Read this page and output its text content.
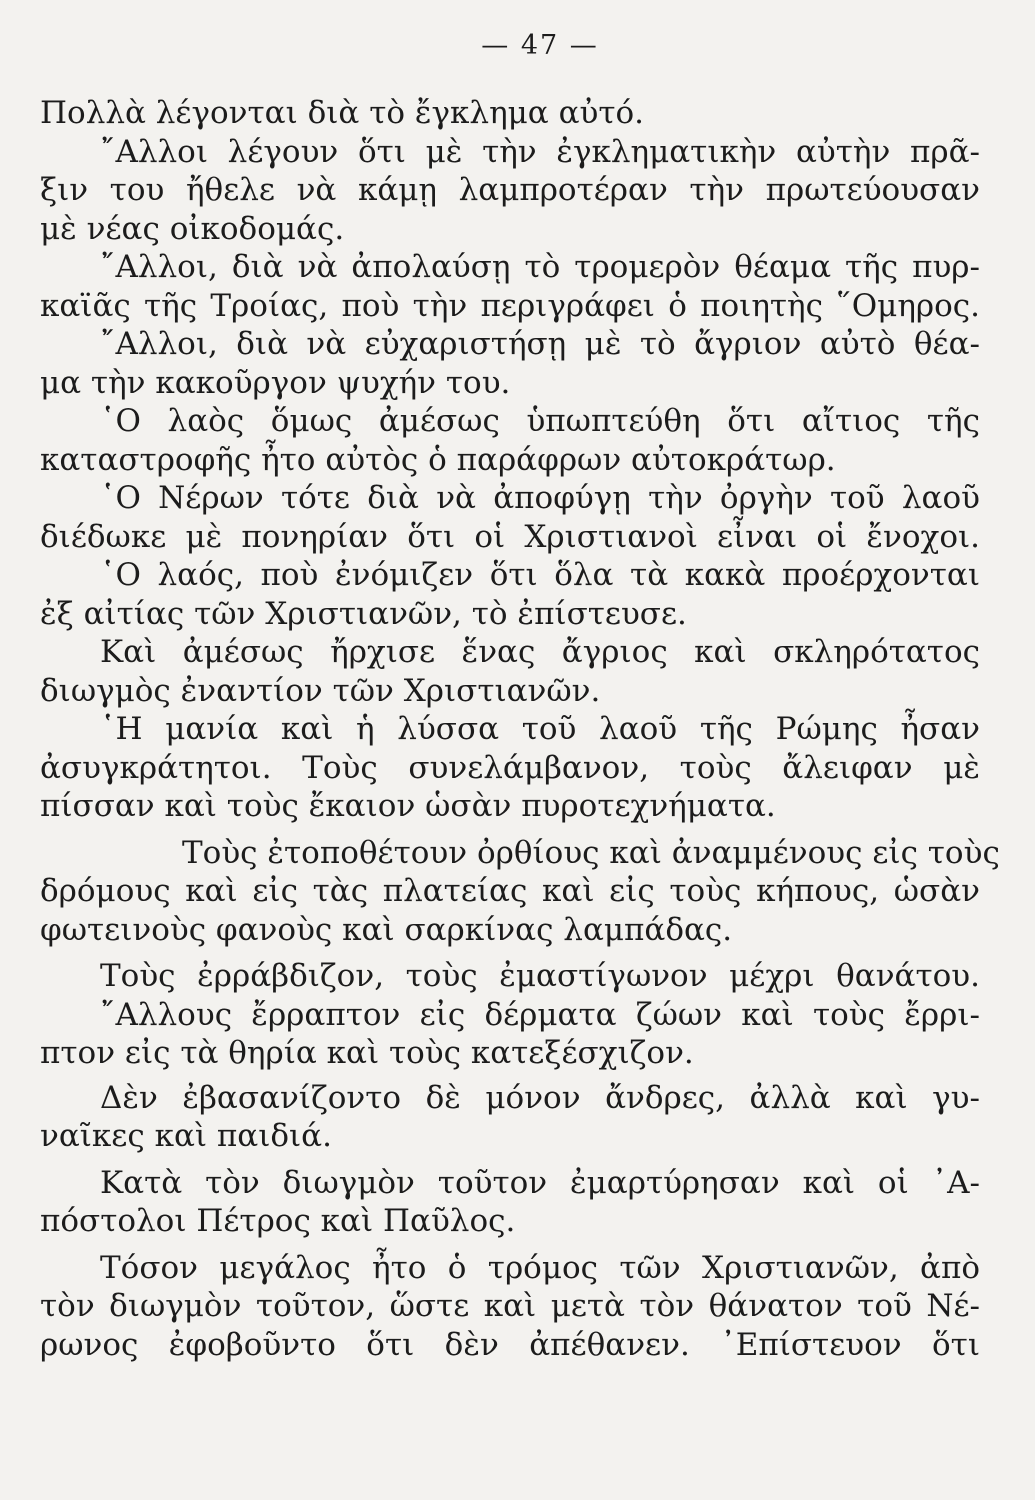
— 47 —
Πολλὰ λέγονται διὰ τὸ ἔγκλημα αὐτό.
῎Αλλοι λέγουν ὅτι μὲ τὴν ἐγκληματικὴν αὐτὴν πρᾶ-
ξιν του ἤθελε νὰ κάμῃ λαμπροτέραν τὴν πρωτεύουσαν
μὲ νέας οἰκοδομάς.
῎Αλλοι, διὰ νὰ ἀπολαύσῃ τὸ τρομερὸν θέαμα τῆς πυρ-
καϊᾶς τῆς Τροίας, ποὺ τὴν περιγράφει ὁ ποιητὴς ῞Ομηρος.
῎Αλλοι, διὰ νὰ εὐχαριστήσῃ μὲ τὸ ἄγριον αὐτὸ θέα-
μα τὴν κακοῦργον ψυχήν του.
῾Ο λαὸς ὅμως ἀμέσως ὑπωπτεύθη ὅτι αἴτιος τῆς
καταστροφῆς ἦτο αὐτὸς ὁ παράφρων αὐτοκράτωρ.
῾Ο Νέρων τότε διὰ νὰ ἀποφύγῃ τὴν ὀργὴν τοῦ λαοῦ
διέδωκε μὲ πονηρίαν ὅτι οἱ Χριστιανοὶ εἶναι οἱ ἔνοχοι.
῾Ο λαός, ποὺ ἐνόμιζεν ὅτι ὅλα τὰ κακὰ προέρχονται
ἐξ αἰτίας τῶν Χριστιανῶν, τὸ ἐπίστευσε.
Καὶ ἀμέσως ἤρχισε ἕνας ἄγριος καὶ σκληρότατος
διωγμὸς ἐναντίον τῶν Χριστιανῶν.
῾Η μανία καὶ ἡ λύσσα τοῦ λαοῦ τῆς Ρώμης ἦσαν
ἀσυγκράτητοι. Τοὺς συνελάμβανον, τοὺς ἄλειφαν μὲ
πίσσαν καὶ τοὺς ἔκαιον ὡσὰν πυροτεχνήματα.
Τοὺς ἐτοποθέτουν ὀρθίους καὶ ἀναμμένους εἰς τοὺς
δρόμους καὶ εἰς τὰς πλατείας καὶ εἰς τοὺς κήπους, ὡσὰν
φωτεινοὺς φανοὺς καὶ σαρκίνας λαμπάδας.
Τοὺς ἐρράβδιζον, τοὺς ἐμαστίγωνον μέχρι θανάτου.
῎Αλλους ἔρραπτον εἰς δέρματα ζώων καὶ τοὺς ἔρρι-
πτον εἰς τὰ θηρία καὶ τοὺς κατεξέσχιζον.
Δὲν ἐβασανίζοντο δὲ μόνον ἄνδρες, ἀλλὰ καὶ γυ-
ναῖκες καὶ παιδιά.
Κατὰ τὸν διωγμὸν τοῦτον ἐμαρτύρησαν καὶ οἱ ᾿Α-
πόστολοι Πέτρος καὶ Παῦλος.
Τόσον μεγάλος ἦτο ὁ τρόμος τῶν Χριστιανῶν, ἀπὸ
τὸν διωγμὸν τοῦτον, ὥστε καὶ μετὰ τὸν θάνατον τοῦ Νέ-
ρωνος ἐφοβοῦντο ὅτι δὲν ἀπέθανεν. ᾿Επίστευον ὅτι
